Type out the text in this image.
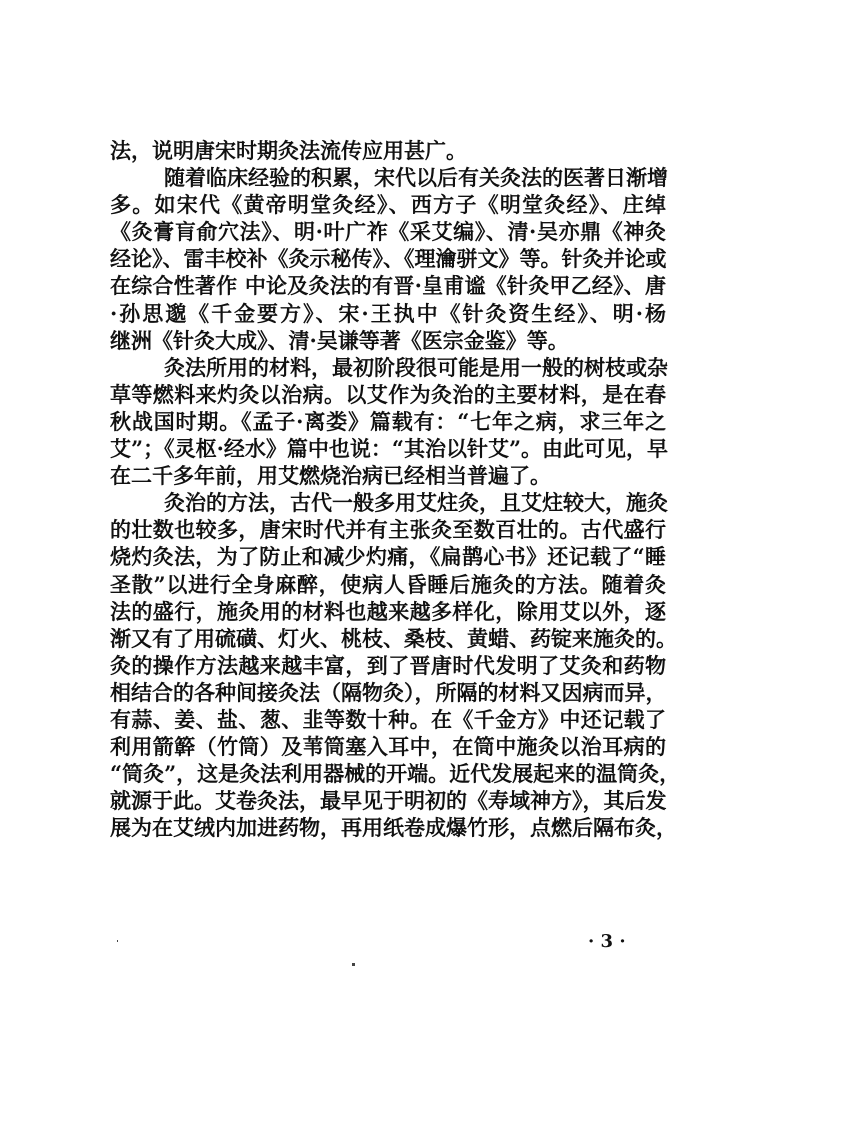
法，说明唐宋时期灸法流传应用甚广。
随着临床经验的积累，宋代以后有关灸法的医著日渐增
多。如宋代《黄帝明堂灸经》、西方子《明堂灸经》、庄绰
《灸膏肓俞穴法》、明·叶广祚《采艾编》、清·吴亦鼎《神灸
经论》、雷丰校补《灸示秘传》、《理瀹骈文》等。针灸并论或
在综合性著作 中论及灸法的有晋·皇甫谧《针灸甲乙经》、唐
·孙思邈《千金要方》、宋·王执中《针灸资生经》、明·杨
继洲《针灸大成》、清·吴谦等著《医宗金鉴》等。
灸法所用的材料，最初阶段很可能是用一般的树枝或杂
草等燃料来灼灸以治病。以艾作为灸治的主要材料，是在春
秋战国时期。《孟子·离娄》篇载有：“七年之病，求三年之
艾”；《灵枢·经水》篇中也说：“其治以针艾”。由此可见，早
在二千多年前，用艾燃烧治病已经相当普遍了。
灸治的方法，古代一般多用艾炷灸，且艾炷较大，施灸
的壮数也较多，唐宋时代并有主张灸至数百壮的。古代盛行
烧灼灸法，为了防止和减少灼痛，《扁鹊心书》还记载了“睡
圣散”以进行全身麻醉，使病人昏睡后施灸的方法。随着灸
法的盛行，施灸用的材料也越来越多样化，除用艾以外，逐
渐又有了用硫磺、灯火、桃枝、桑枝、黄蜡、药锭来施灸的。
灸的操作方法越来越丰富，到了晋唐时代发明了艾灸和药物
相结合的各种间接灸法（隔物灸），所隔的材料又因病而异，
有蒜、姜、盐、葱、韭等数十种。在《千金方》中还记载了
利用箭簳（竹筒）及苇筒塞入耳中，在筒中施灸以治耳病的
“筒灸”，这是灸法利用器械的开端。近代发展起来的温筒灸，
就源于此。艾卷灸法，最早见于明初的《寿域神方》，其后发
展为在艾绒内加进药物，再用纸卷成爆竹形，点燃后隔布灸，
· 3 ·
